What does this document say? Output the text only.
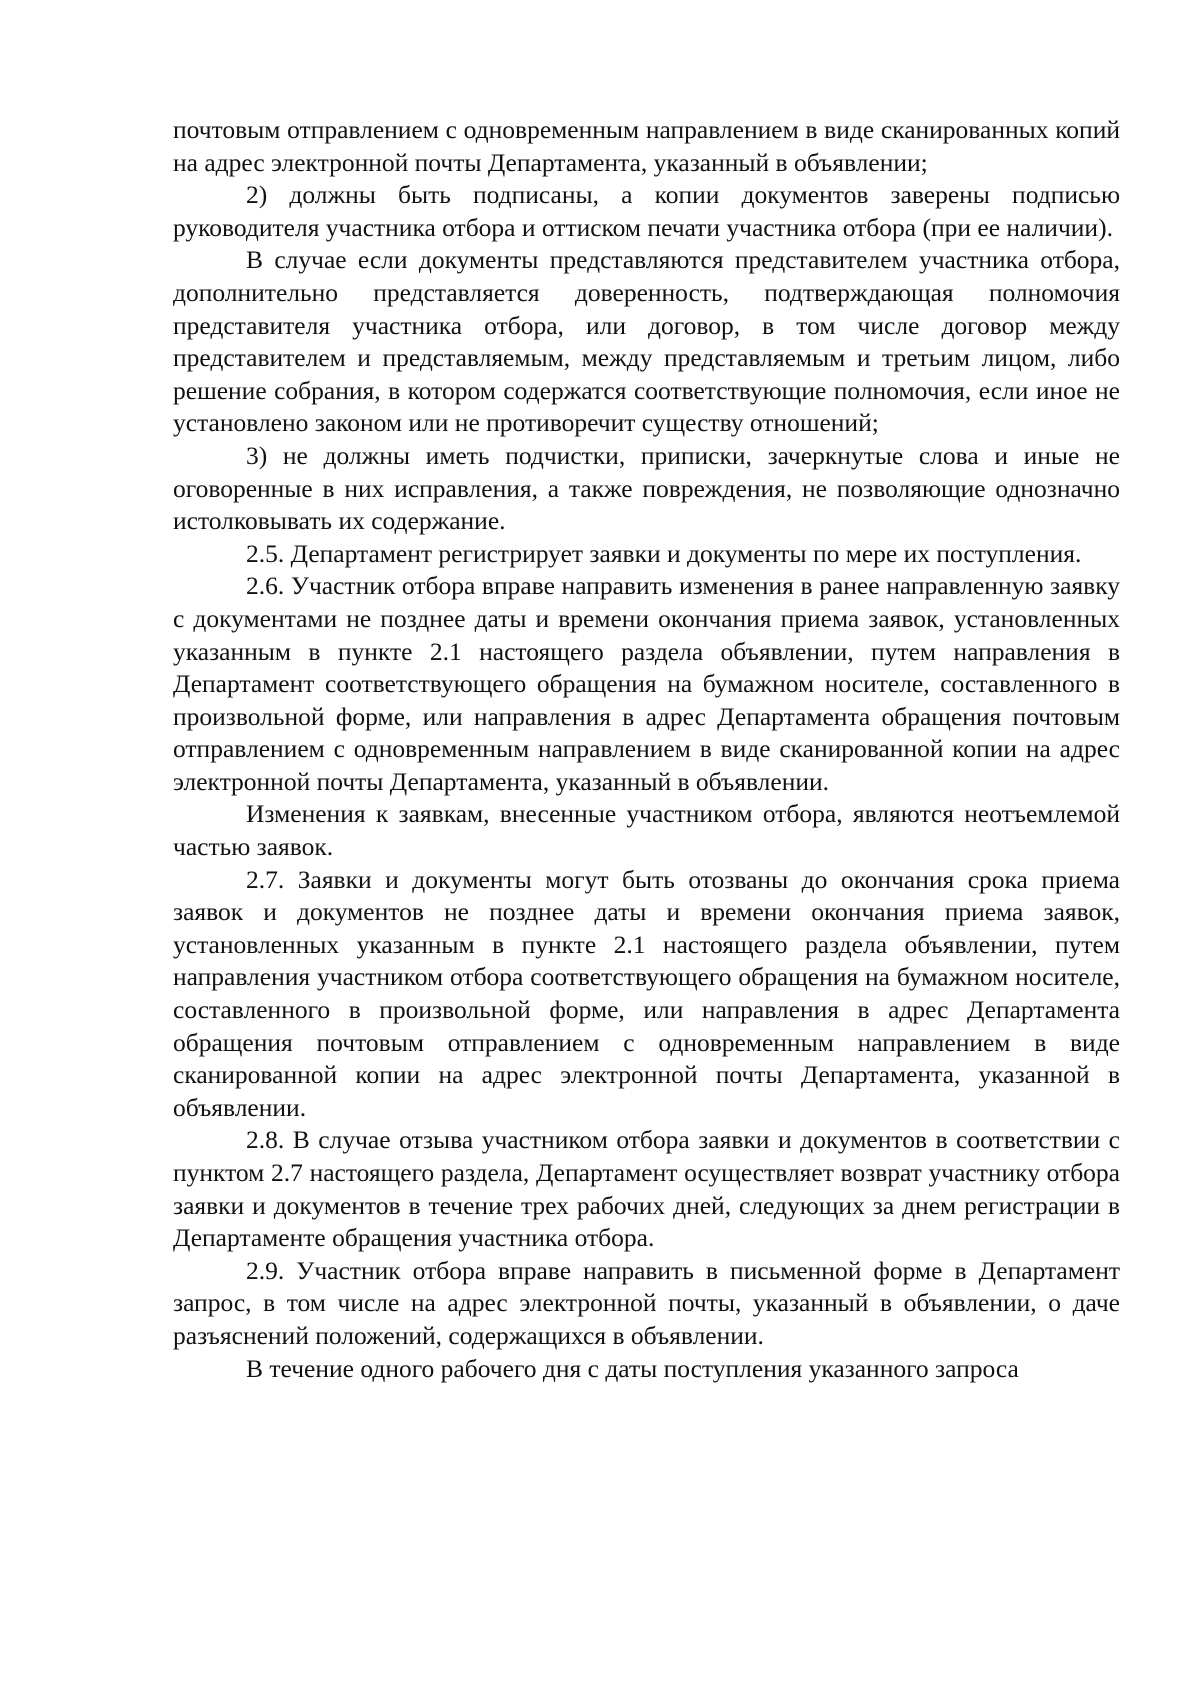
почтовым отправлением с одновременным направлением в виде сканированных копий на адрес электронной почты Департамента, указанный в объявлении;

2) должны быть подписаны, а копии документов заверены подписью руководителя участника отбора и оттиском печати участника отбора (при ее наличии).

В случае если документы представляются представителем участника отбора, дополнительно представляется доверенность, подтверждающая полномочия представителя участника отбора, или договор, в том числе договор между представителем и представляемым, между представляемым и третьим лицом, либо решение собрания, в котором содержатся соответствующие полномочия, если иное не установлено законом или не противоречит существу отношений;

3) не должны иметь подчистки, приписки, зачеркнутые слова и иные не оговоренные в них исправления, а также повреждения, не позволяющие однозначно истолковывать их содержание.

2.5. Департамент регистрирует заявки и документы по мере их поступления.

2.6. Участник отбора вправе направить изменения в ранее направленную заявку с документами не позднее даты и времени окончания приема заявок, установленных указанным в пункте 2.1 настоящего раздела объявлении, путем направления в Департамент соответствующего обращения на бумажном носителе, составленного в произвольной форме, или направления в адрес Департамента обращения почтовым отправлением с одновременным направлением в виде сканированной копии на адрес электронной почты Департамента, указанный в объявлении.

Изменения к заявкам, внесенные участником отбора, являются неотъемлемой частью заявок.

2.7. Заявки и документы могут быть отозваны до окончания срока приема заявок и документов не позднее даты и времени окончания приема заявок, установленных указанным в пункте 2.1 настоящего раздела объявлении, путем направления участником отбора соответствующего обращения на бумажном носителе, составленного в произвольной форме, или направления в адрес Департамента обращения почтовым отправлением с одновременным направлением в виде сканированной копии на адрес электронной почты Департамента, указанной в объявлении.

2.8. В случае отзыва участником отбора заявки и документов в соответствии с пунктом 2.7 настоящего раздела, Департамент осуществляет возврат участнику отбора заявки и документов в течение трех рабочих дней, следующих за днем регистрации в Департаменте обращения участника отбора.

2.9. Участник отбора вправе направить в письменной форме в Департамент запрос, в том числе на адрес электронной почты, указанный в объявлении, о даче разъяснений положений, содержащихся в объявлении.

В течение одного рабочего дня с даты поступления указанного запроса
